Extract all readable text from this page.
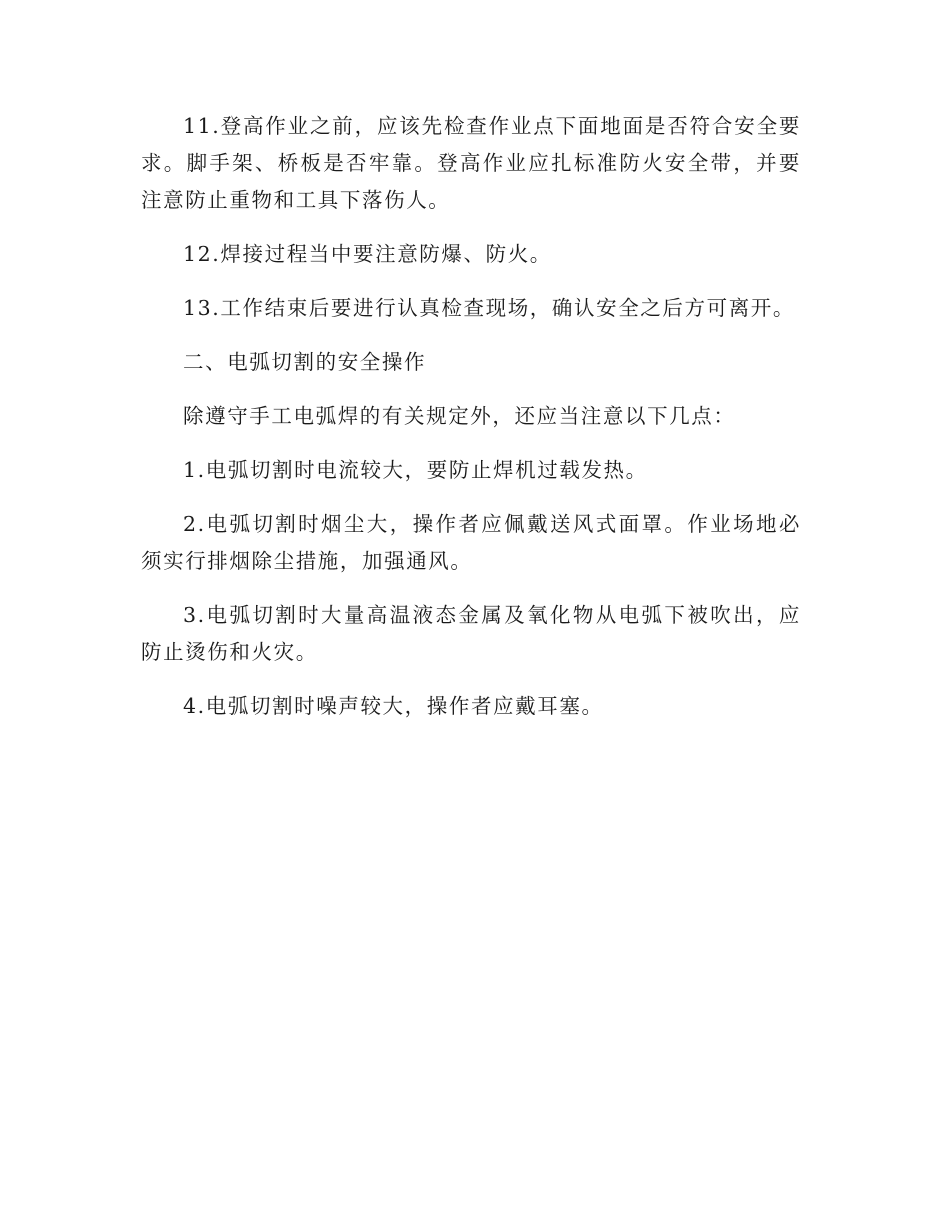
11.登高作业之前，应该先检查作业点下面地面是否符合安全要求。脚手架、桥板是否牢靠。登高作业应扎标准防火安全带，并要注意防止重物和工具下落伤人。

12.焊接过程当中要注意防爆、防火。

13.工作结束后要进行认真检查现场，确认安全之后方可离开。

二、电弧切割的安全操作

除遵守手工电弧焊的有关规定外，还应当注意以下几点：

1.电弧切割时电流较大，要防止焊机过载发热。

2.电弧切割时烟尘大，操作者应佩戴送风式面罩。作业场地必须实行排烟除尘措施，加强通风。

3.电弧切割时大量高温液态金属及氧化物从电弧下被吹出，应防止烫伤和火灾。

4.电弧切割时噪声较大，操作者应戴耳塞。
